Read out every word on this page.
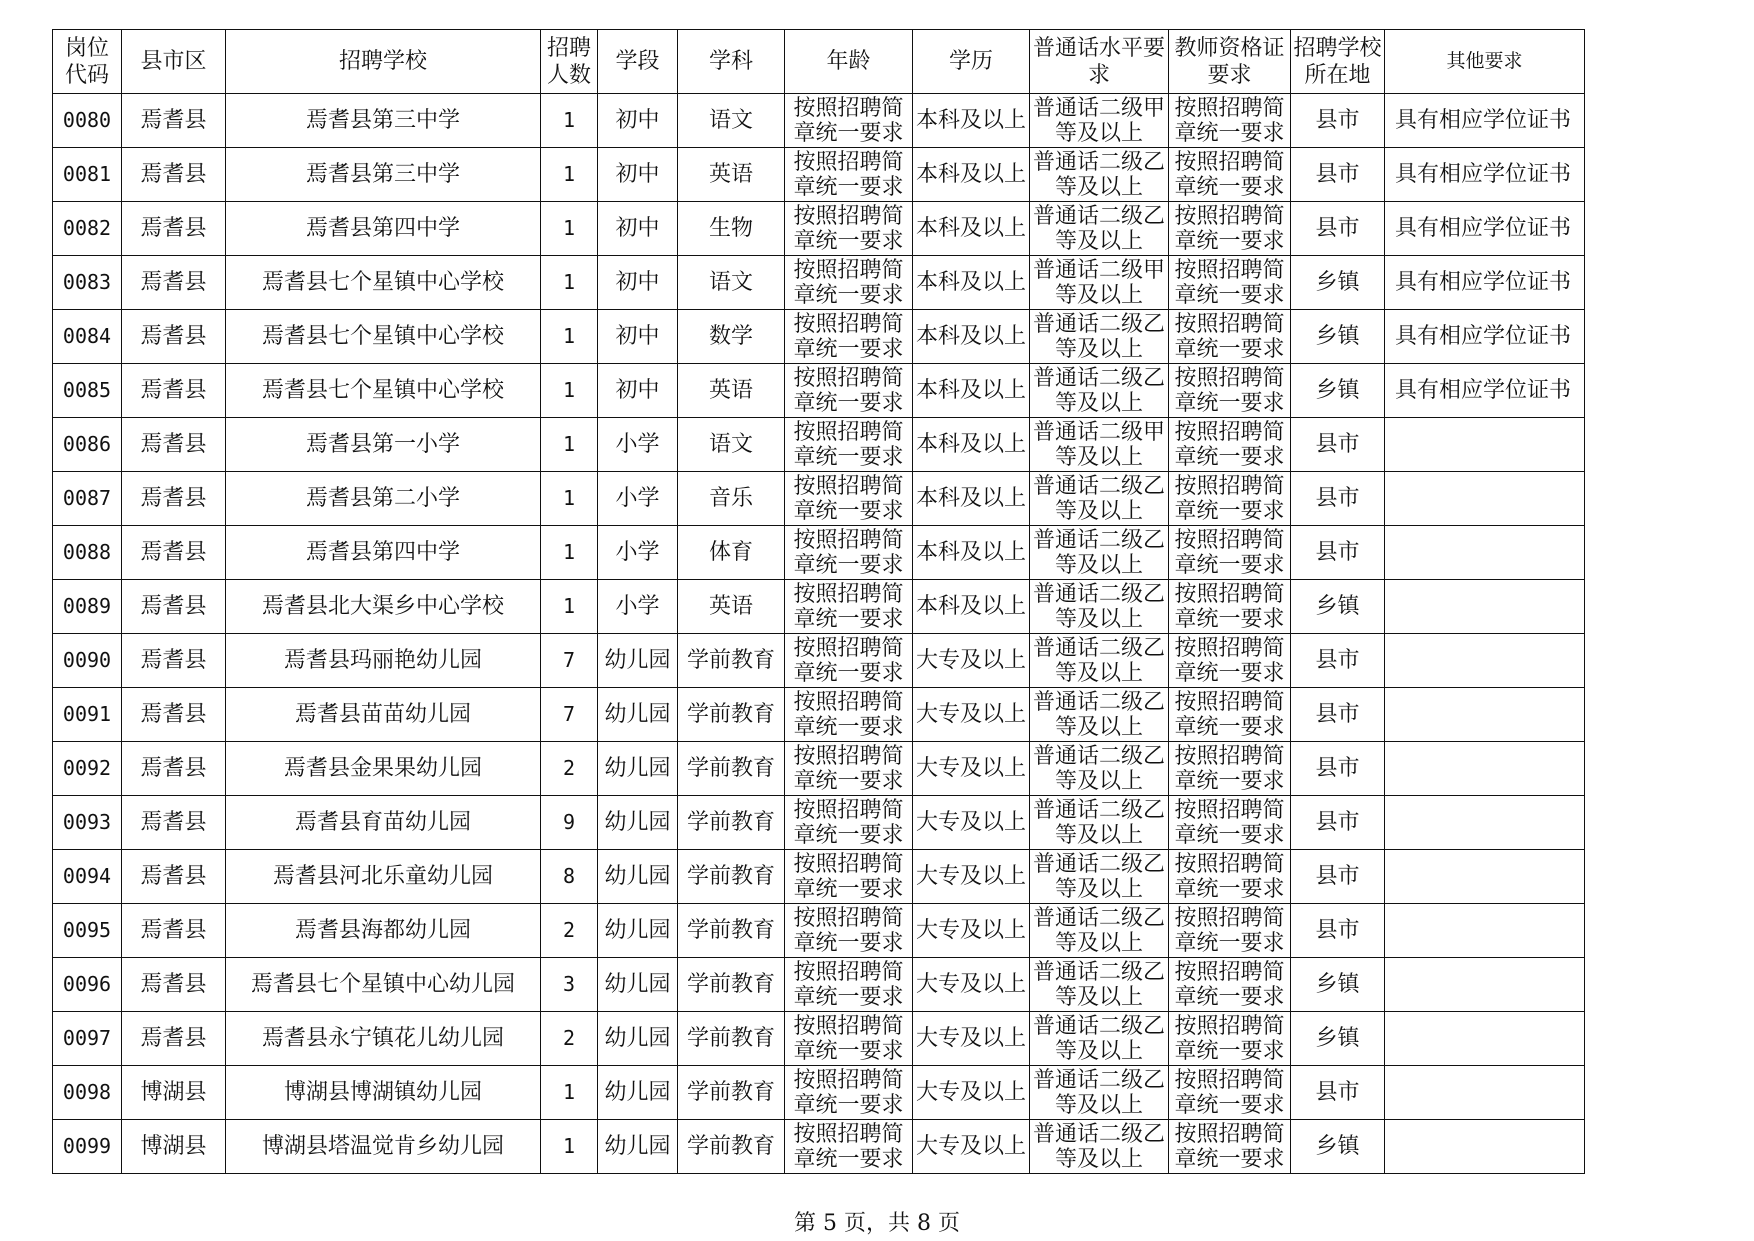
岗位代码	县市区	招聘学校	招聘人数	学段	学科	年龄	学历	普通话水平要求	教师资格证要求	招聘学校所在地	其他要求
0080	焉耆县	焉耆县第三中学	1	初中	语文	按照招聘简章统一要求	本科及以上	普通话二级甲等及以上	按照招聘简章统一要求	县市	具有相应学位证书
0081	焉耆县	焉耆县第三中学	1	初中	英语	按照招聘简章统一要求	本科及以上	普通话二级乙等及以上	按照招聘简章统一要求	县市	具有相应学位证书
0082	焉耆县	焉耆县第四中学	1	初中	生物	按照招聘简章统一要求	本科及以上	普通话二级乙等及以上	按照招聘简章统一要求	县市	具有相应学位证书
0083	焉耆县	焉耆县七个星镇中心学校	1	初中	语文	按照招聘简章统一要求	本科及以上	普通话二级甲等及以上	按照招聘简章统一要求	乡镇	具有相应学位证书
0084	焉耆县	焉耆县七个星镇中心学校	1	初中	数学	按照招聘简章统一要求	本科及以上	普通话二级乙等及以上	按照招聘简章统一要求	乡镇	具有相应学位证书
0085	焉耆县	焉耆县七个星镇中心学校	1	初中	英语	按照招聘简章统一要求	本科及以上	普通话二级乙等及以上	按照招聘简章统一要求	乡镇	具有相应学位证书
0086	焉耆县	焉耆县第一小学	1	小学	语文	按照招聘简章统一要求	本科及以上	普通话二级甲等及以上	按照招聘简章统一要求	县市	
0087	焉耆县	焉耆县第二小学	1	小学	音乐	按照招聘简章统一要求	本科及以上	普通话二级乙等及以上	按照招聘简章统一要求	县市	
0088	焉耆县	焉耆县第四中学	1	小学	体育	按照招聘简章统一要求	本科及以上	普通话二级乙等及以上	按照招聘简章统一要求	县市	
0089	焉耆县	焉耆县北大渠乡中心学校	1	小学	英语	按照招聘简章统一要求	本科及以上	普通话二级乙等及以上	按照招聘简章统一要求	乡镇	
0090	焉耆县	焉耆县玛丽艳幼儿园	7	幼儿园	学前教育	按照招聘简章统一要求	大专及以上	普通话二级乙等及以上	按照招聘简章统一要求	县市	
0091	焉耆县	焉耆县苗苗幼儿园	7	幼儿园	学前教育	按照招聘简章统一要求	大专及以上	普通话二级乙等及以上	按照招聘简章统一要求	县市	
0092	焉耆县	焉耆县金果果幼儿园	2	幼儿园	学前教育	按照招聘简章统一要求	大专及以上	普通话二级乙等及以上	按照招聘简章统一要求	县市	
0093	焉耆县	焉耆县育苗幼儿园	9	幼儿园	学前教育	按照招聘简章统一要求	大专及以上	普通话二级乙等及以上	按照招聘简章统一要求	县市	
0094	焉耆县	焉耆县河北乐童幼儿园	8	幼儿园	学前教育	按照招聘简章统一要求	大专及以上	普通话二级乙等及以上	按照招聘简章统一要求	县市	
0095	焉耆县	焉耆县海都幼儿园	2	幼儿园	学前教育	按照招聘简章统一要求	大专及以上	普通话二级乙等及以上	按照招聘简章统一要求	县市	
0096	焉耆县	焉耆县七个星镇中心幼儿园	3	幼儿园	学前教育	按照招聘简章统一要求	大专及以上	普通话二级乙等及以上	按照招聘简章统一要求	乡镇	
0097	焉耆县	焉耆县永宁镇花儿幼儿园	2	幼儿园	学前教育	按照招聘简章统一要求	大专及以上	普通话二级乙等及以上	按照招聘简章统一要求	乡镇	
0098	博湖县	博湖县博湖镇幼儿园	1	幼儿园	学前教育	按照招聘简章统一要求	大专及以上	普通话二级乙等及以上	按照招聘简章统一要求	县市	
0099	博湖县	博湖县塔温觉肯乡幼儿园	1	幼儿园	学前教育	按照招聘简章统一要求	大专及以上	普通话二级乙等及以上	按照招聘简章统一要求	乡镇	
第 5 页，共 8 页
